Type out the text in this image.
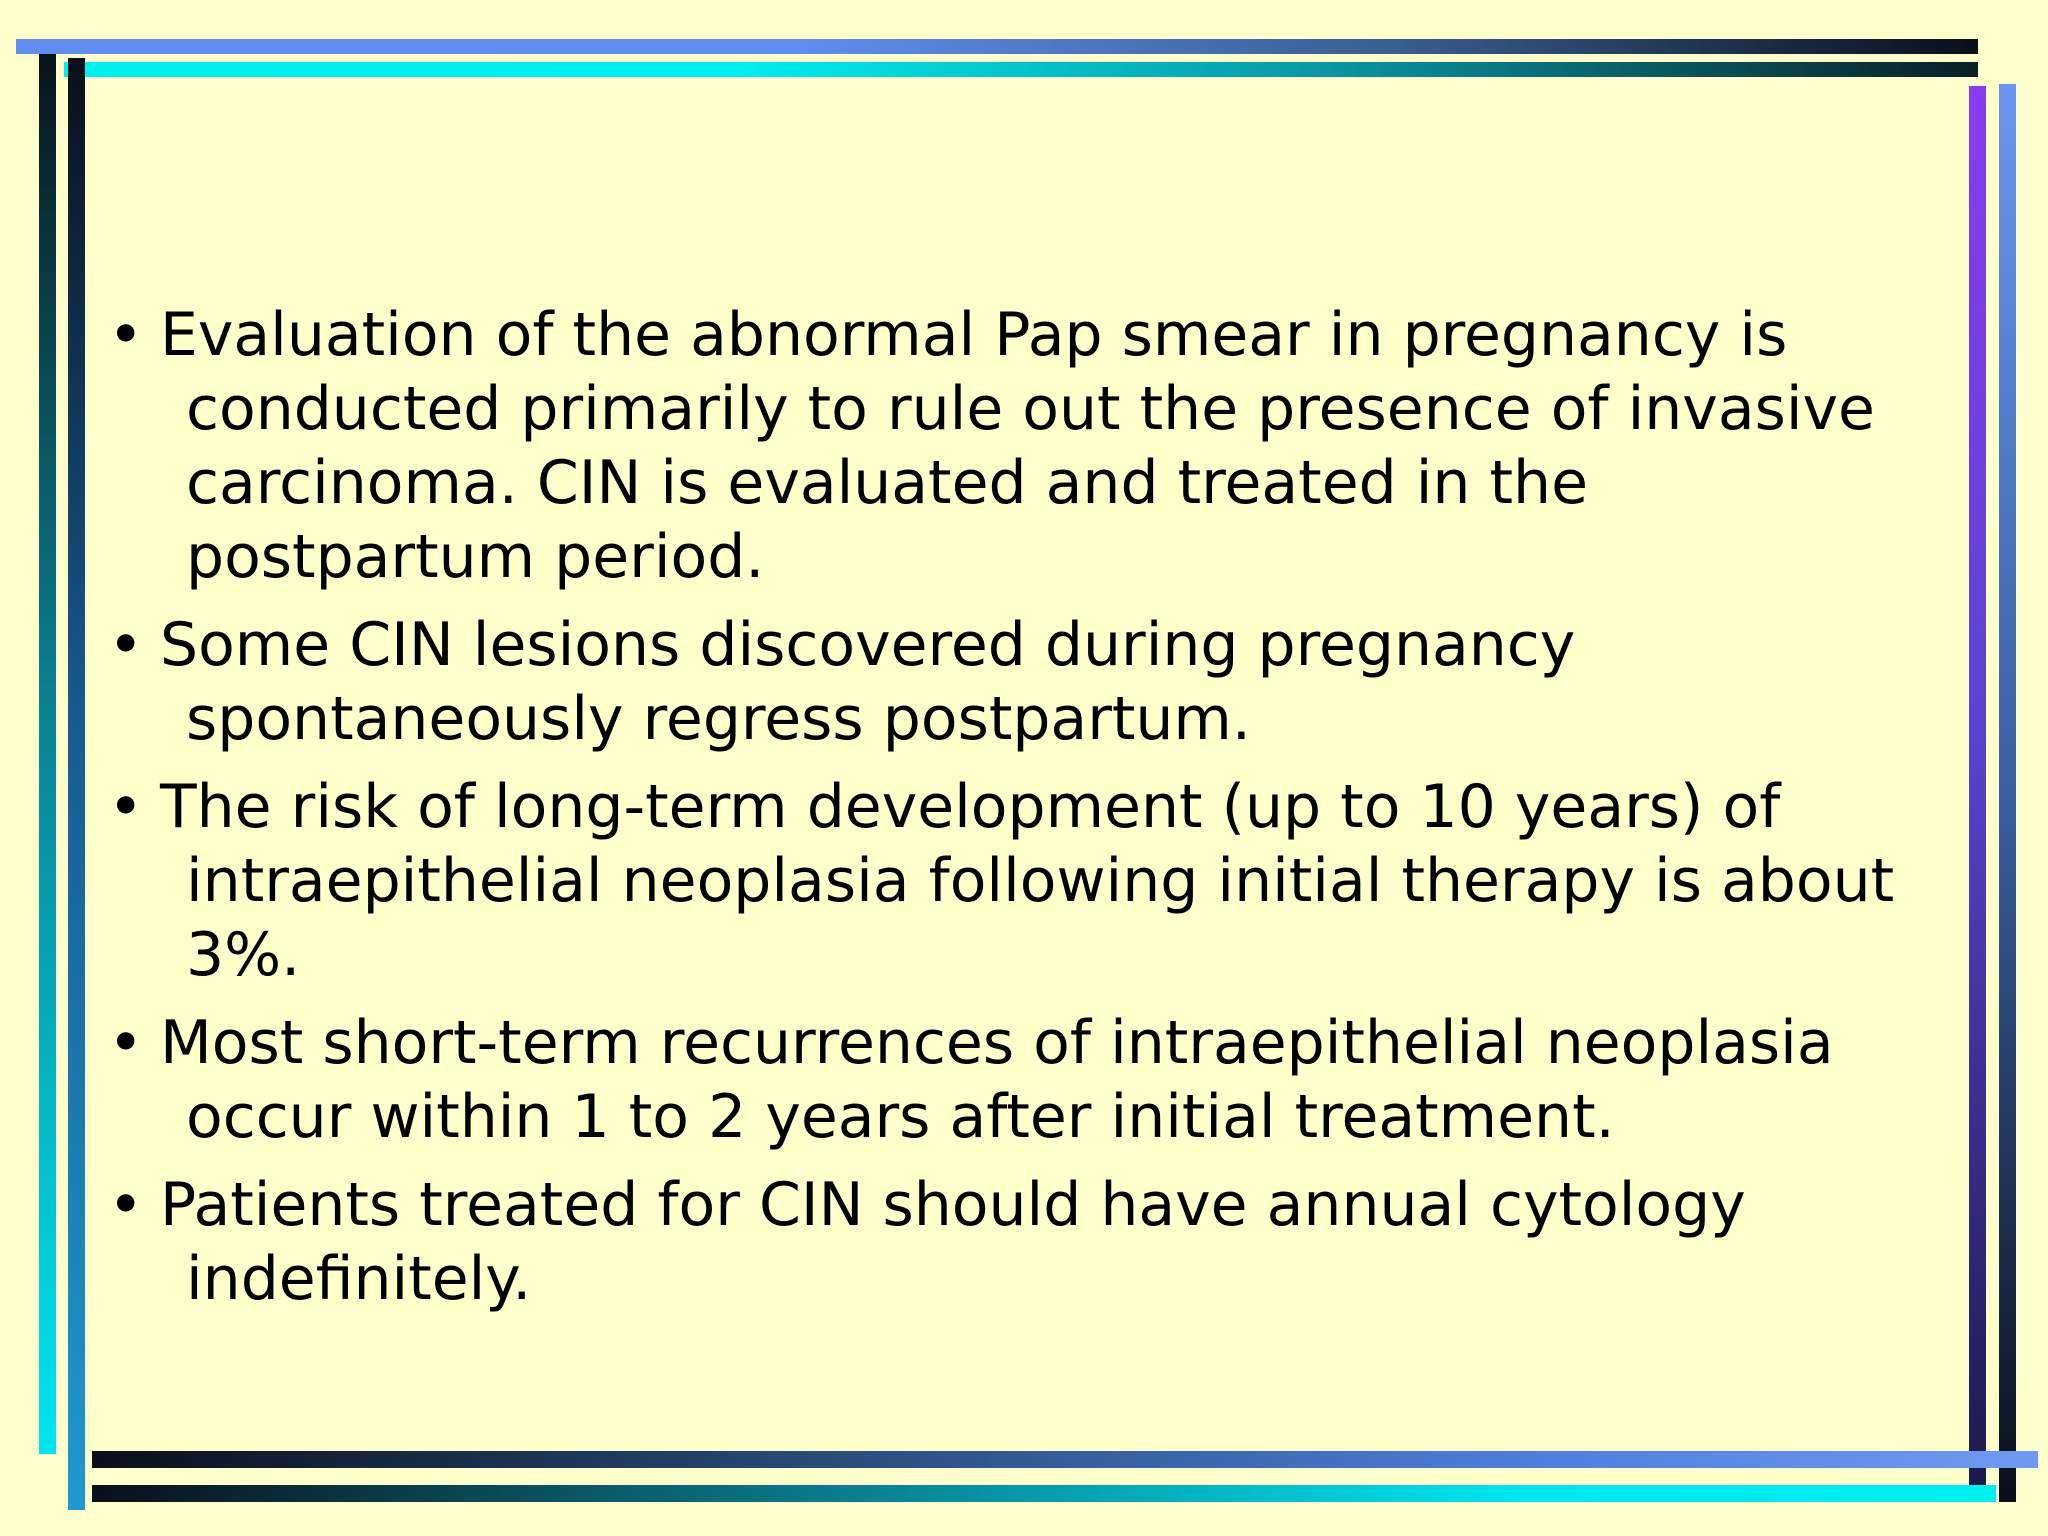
• Evaluation of the abnormal Pap smear in pregnancy is
conducted primarily to rule out the presence of invasive
carcinoma. CIN is evaluated and treated in the
postpartum period.
• Some CIN lesions discovered during pregnancy
spontaneously regress postpartum.
• The risk of long-term development (up to 10 years) of
intraepithelial neoplasia following initial therapy is about
3%.
• Most short-term recurrences of intraepithelial neoplasia
occur within 1 to 2 years after initial treatment.
• Patients treated for CIN should have annual cytology
indefinitely.
